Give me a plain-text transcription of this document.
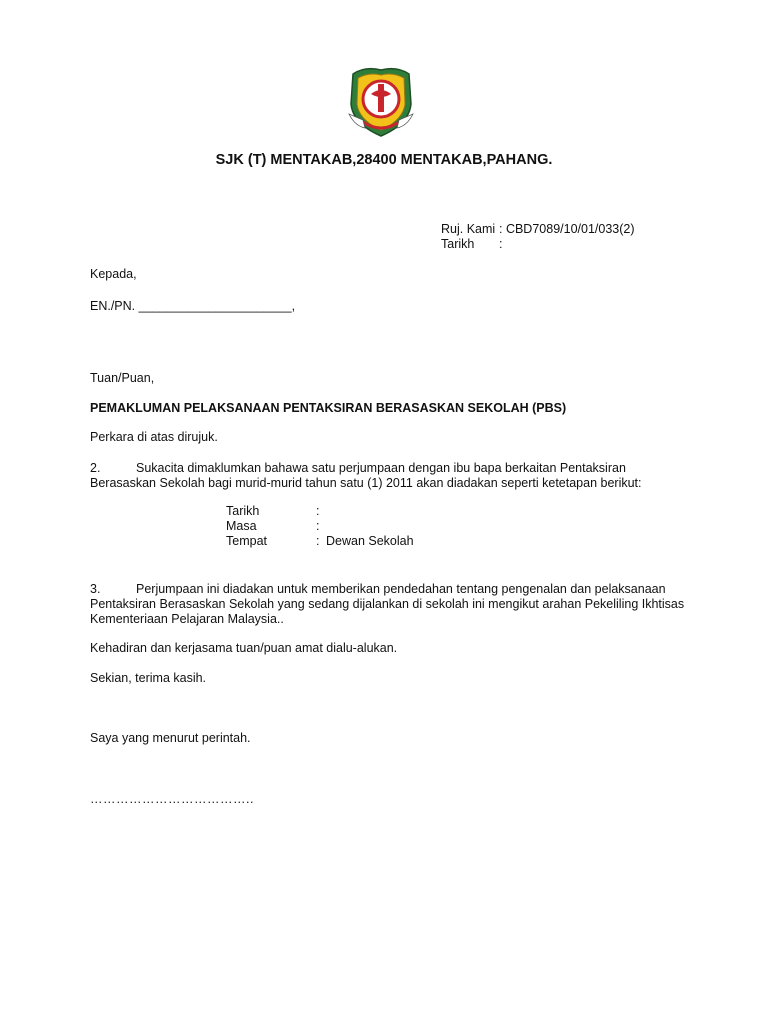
SJK (T) MENTAKAB,28400 MENTAKAB,PAHANG.
Ruj. Kami : CBD7089/10/01/033(2)
Tarikh :
Kepada,
EN./PN. ______________________,
Tuan/Puan,
PEMAKLUMAN PELAKSANAAN PENTAKSIRAN BERASASKAN SEKOLAH (PBS)
Perkara di atas dirujuk.
2.	Sukacita dimaklumkan bahawa satu perjumpaan dengan ibu bapa berkaitan Pentaksiran Berasaskan Sekolah bagi murid-murid tahun satu (1) 2011 akan diadakan seperti ketetapan berikut:
Tarikh	:
Masa	:
Tempat	: Dewan Sekolah
3.	Perjumpaan ini diadakan untuk memberikan pendedahan tentang pengenalan dan pelaksanaan Pentaksiran Berasaskan Sekolah yang sedang dijalankan di sekolah ini mengikut arahan Pekeliling Ikhtisas Kementeriaan Pelajaran Malaysia..
Kehadiran dan kerjasama tuan/puan amat dialu-alukan.
Sekian, terima kasih.
Saya yang menurut perintah.
………………………………..
